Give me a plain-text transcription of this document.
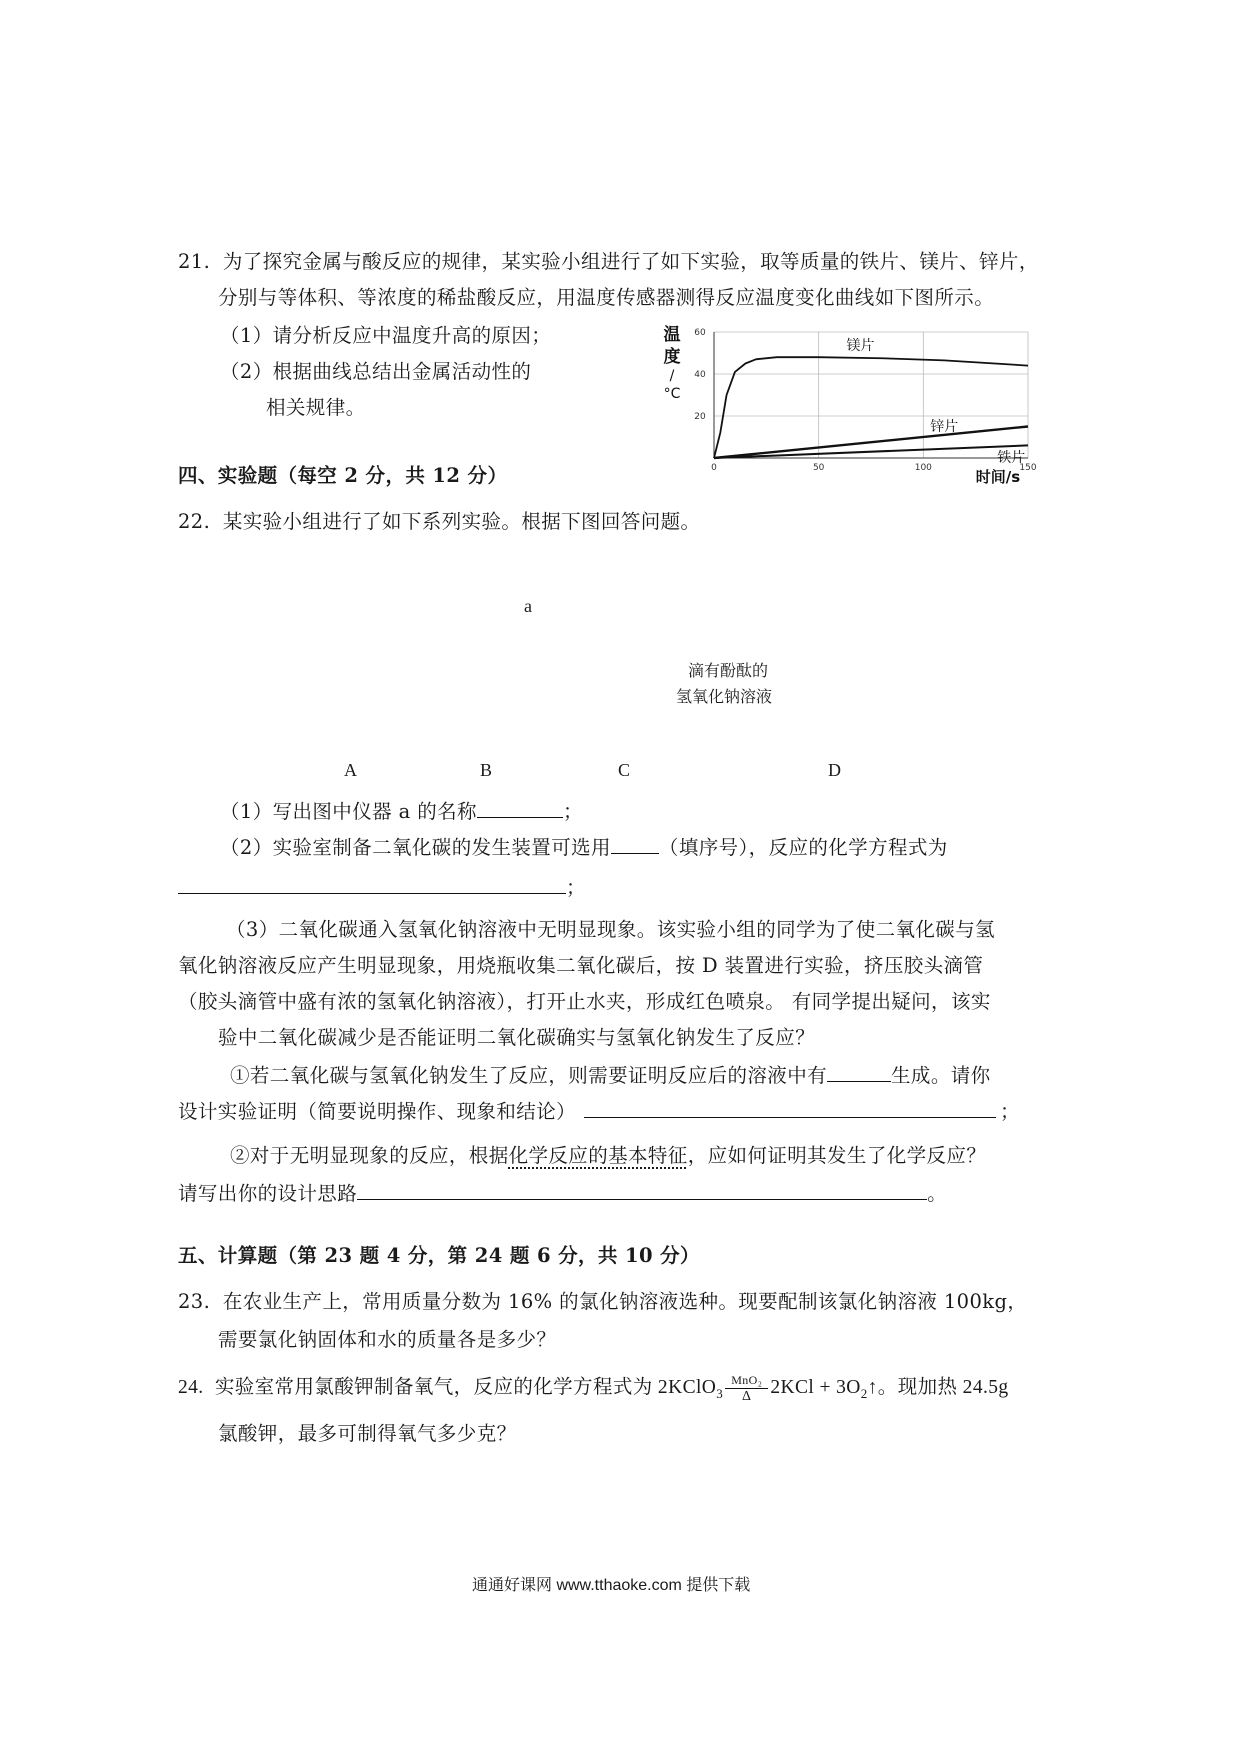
21. 为了探究金属与酸反应的规律，某实验小组进行了如下实验，取等质量的铁片、镁片、锌片，
分别与等体积、等浓度的稀盐酸反应，用温度传感器测得反应温度变化曲线如下图所示。
（1）请分析反应中温度升高的原因；
（2）根据曲线总结出金属活动性的
相关规律。
0	50	100	150
20
40
60
镁片
锌片
铁片
温
度
/
°C
时间/s
四、实验题（每空 2 分，共 12 分）
22. 某实验小组进行了如下系列实验。根据下图回答问题。
a
滴有酚酞的
氢氧化钠溶液
A	B	C	D
（1）写出图中仪器 a 的名称	；
（2）实验室制备二氧化碳的发生装置可选用 （填序号），反应的化学方程式为
；
（3）二氧化碳通入氢氧化钠溶液中无明显现象。该实验小组的同学为了使二氧化碳与氢
氧化钠溶液反应产生明显现象，用烧瓶收集二氧化碳后，按 D 装置进行实验，挤压胶头滴管
（胶头滴管中盛有浓的氢氧化钠溶液），打开止水夹，形成红色喷泉。 有同学提出疑问，该实
验中二氧化碳减少是否能证明二氧化碳确实与氢氧化钠发生了反应？
①若二氧化碳与氢氧化钠发生了反应，则需要证明反应后的溶液中有	生成。请你
设计实验证明（简要说明操作、现象和结论）	；
②对于无明显现象的反应，根据化学反应的基本特征，应如何证明其发生了化学反应？
请写出你的设计思路	。
五、计算题（第 23 题 4 分，第 24 题 6 分，共 10 分）
23. 在农业生产上，常用质量分数为 16% 的氯化钠溶液选种。现要配制该氯化钠溶液 100kg，
需要氯化钠固体和水的质量各是多少？
24. 实验室常用氯酸钾制备氧气，反应的化学方程式为 2KClO$_3$ $\frac{\text{MnO₂}}{\Delta} 2KCl$ + $3O_2↑$。现加热 24.5g
氯酸钾，最多可制得氧气多少克？
通通好课网 www.tthaoke.com 提供下载
